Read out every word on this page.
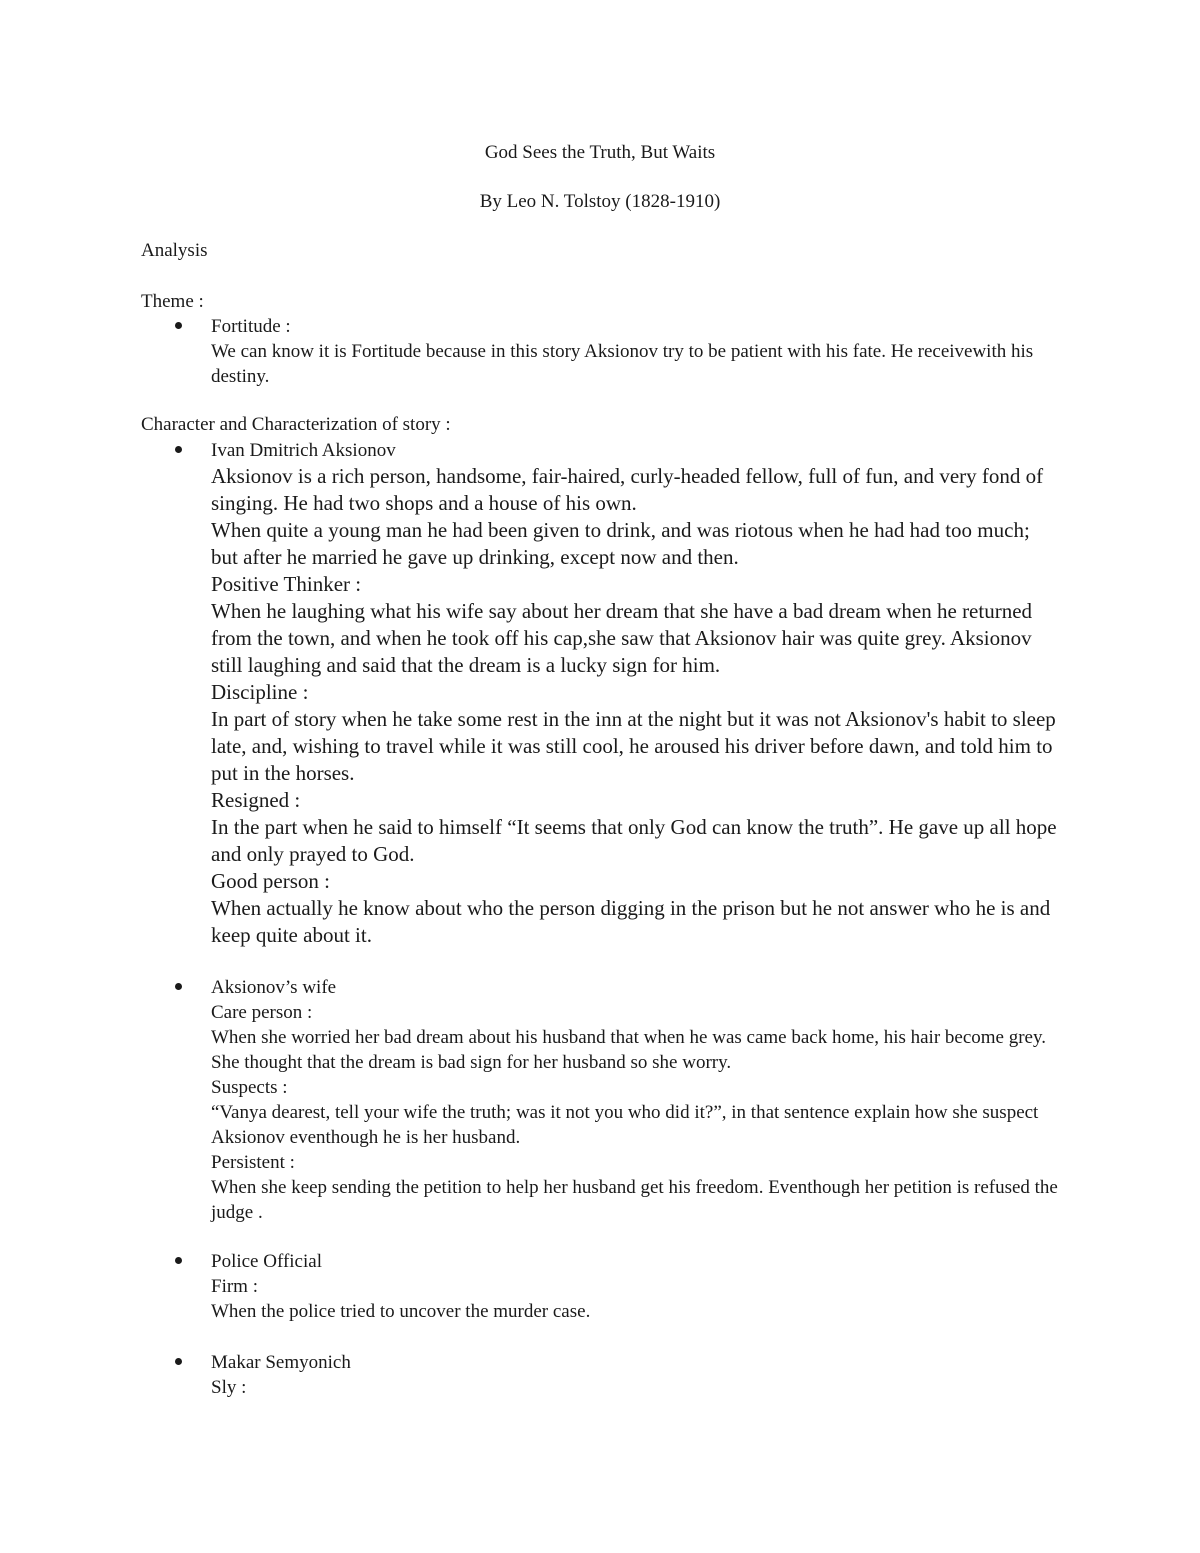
God Sees the Truth, But Waits
By Leo N. Tolstoy (1828-1910)
Analysis
Theme :
Fortitude :
We can know it is Fortitude because in this story Aksionov try to be patient with his fate. He receivewith his destiny.
Character and Characterization of story :
Ivan Dmitrich Aksionov
Aksionov is a rich person, handsome, fair-haired, curly-headed fellow, full of fun, and very fond of singing. He had two shops and a house of his own.
When quite a young man he had been given to drink, and was riotous when he had had too much; but after he married he gave up drinking, except now and then.
Positive Thinker :
When he laughing what his wife say about her dream that she have a bad dream when he returned from the town, and when he took off his cap,she saw that Aksionov hair was quite grey. Aksionov still laughing and said that the dream is a lucky sign for him.
Discipline :
In part of story when he take some rest in the inn at the night but it was not Aksionov's habit to sleep late, and, wishing to travel while it was still cool, he aroused his driver before dawn, and told him to put in the horses.
Resigned :
In the part when he said to himself “It seems that only God can know the truth”. He gave up all hope and only prayed to God.
Good person :
When actually he know about who the person digging in the prison but he not answer who he is and keep quite about it.
Aksionov’s wife
Care person :
When she worried her bad dream about his husband that when he was came back home, his hair become grey. She thought that the dream is bad sign for her husband so she worry.
Suspects :
“Vanya dearest, tell your wife the truth; was it not you who did it?”, in that sentence explain how she suspect Aksionov eventhough he is her husband.
Persistent :
When she keep sending the petition to help her husband get his freedom. Eventhough her petition is refused the judge .
Police Official
Firm :
When the police tried to uncover the murder case.
Makar Semyonich
Sly :
